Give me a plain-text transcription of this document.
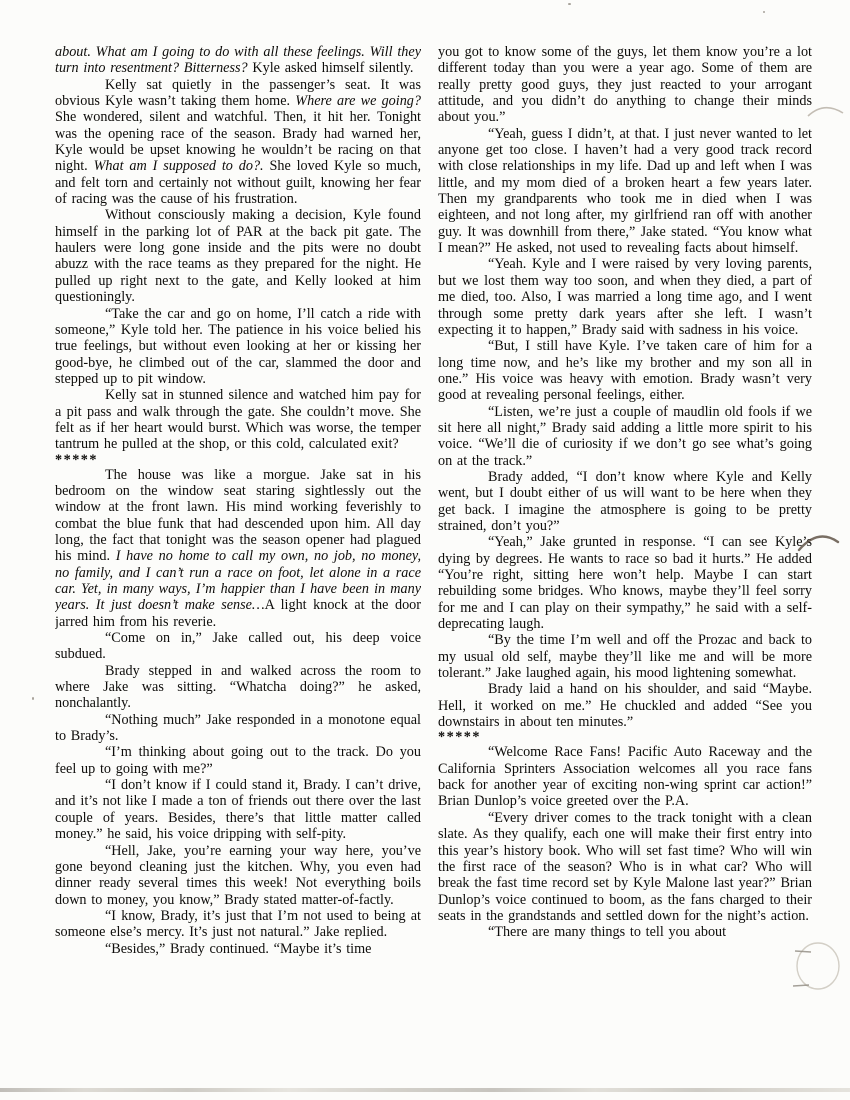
about. What am I going to do with all these feelings. Will they turn into resentment? Bitterness? Kyle asked himself silently.

Kelly sat quietly in the passenger’s seat. It was obvious Kyle wasn’t taking them home. Where are we going? She wondered, silent and watchful. Then, it hit her. Tonight was the opening race of the season. Brady had warned her, Kyle would be upset knowing he wouldn’t be racing on that night. What am I supposed to do?. She loved Kyle so much, and felt torn and certainly not without guilt, knowing her fear of racing was the cause of his frustration.

Without consciously making a decision, Kyle found himself in the parking lot of PAR at the back pit gate. The haulers were long gone inside and the pits were no doubt abuzz with the race teams as they prepared for the night. He pulled up right next to the gate, and Kelly looked at him questioningly.

“Take the car and go on home, I’ll catch a ride with someone,” Kyle told her. The patience in his voice belied his true feelings, but without even looking at her or kissing her good-bye, he climbed out of the car, slammed the door and stepped up to pit window.

Kelly sat in stunned silence and watched him pay for a pit pass and walk through the gate. She couldn’t move. She felt as if her heart would burst. Which was worse, the temper tantrum he pulled at the shop, or this cold, calculated exit?

*****

The house was like a morgue. Jake sat in his bedroom on the window seat staring sightlessly out the window at the front lawn. His mind working feverishly to combat the blue funk that had descended upon him. All day long, the fact that tonight was the season opener had plagued his mind. I have no home to call my own, no job, no money, no family, and I can’t run a race on foot, let alone in a race car. Yet, in many ways, I’m happier than I have been in many years. It just doesn’t make sense…A light knock at the door jarred him from his reverie.

“Come on in,” Jake called out, his deep voice subdued.

Brady stepped in and walked across the room to where Jake was sitting. “Whatcha doing?” he asked, nonchalantly.

“Nothing much” Jake responded in a monotone equal to Brady’s.

“I’m thinking about going out to the track. Do you feel up to going with me?”

“I don’t know if I could stand it, Brady. I can’t drive, and it’s not like I made a ton of friends out there over the last couple of years. Besides, there’s that little matter called money.” he said, his voice dripping with self-pity.

“Hell, Jake, you’re earning your way here, you’ve gone beyond cleaning just the kitchen. Why, you even had dinner ready several times this week! Not everything boils down to money, you know,” Brady stated matter-of-factly.

“I know, Brady, it’s just that I’m not used to being at someone else’s mercy. It’s just not natural.” Jake replied.

“Besides,” Brady continued. “Maybe it’s time

you got to know some of the guys, let them know you’re a lot different today than you were a year ago. Some of them are really pretty good guys, they just reacted to your arrogant attitude, and you didn’t do anything to change their minds about you.”

“Yeah, guess I didn’t, at that. I just never wanted to let anyone get too close. I haven’t had a very good track record with close relationships in my life. Dad up and left when I was little, and my mom died of a broken heart a few years later. Then my grandparents who took me in died when I was eighteen, and not long after, my girlfriend ran off with another guy. It was downhill from there,” Jake stated. “You know what I mean?” He asked, not used to revealing facts about himself.

“Yeah. Kyle and I were raised by very loving parents, but we lost them way too soon, and when they died, a part of me died, too. Also, I was married a long time ago, and I went through some pretty dark years after she left. I wasn’t expecting it to happen,” Brady said with sadness in his voice.

“But, I still have Kyle. I’ve taken care of him for a long time now, and he’s like my brother and my son all in one.” His voice was heavy with emotion. Brady wasn’t very good at revealing personal feelings, either.

“Listen, we’re just a couple of maudlin old fools if we sit here all night,” Brady said adding a little more spirit to his voice. “We’ll die of curiosity if we don’t go see what’s going on at the track.”

Brady added, “I don’t know where Kyle and Kelly went, but I doubt either of us will want to be here when they get back. I imagine the atmosphere is going to be pretty strained, don’t you?”

“Yeah,” Jake grunted in response. “I can see Kyle’s dying by degrees. He wants to race so bad it hurts.” He added “You’re right, sitting here won’t help. Maybe I can start rebuilding some bridges. Who knows, maybe they’ll feel sorry for me and I can play on their sympathy,” he said with a self-deprecating laugh.

“By the time I’m well and off the Prozac and back to my usual old self, maybe they’ll like me and will be more tolerant.” Jake laughed again, his mood lightening somewhat.

Brady laid a hand on his shoulder, and said “Maybe. Hell, it worked on me.” He chuckled and added “See you downstairs in about ten minutes.”

*****

“Welcome Race Fans! Pacific Auto Raceway and the California Sprinters Association welcomes all you race fans back for another year of exciting non-wing sprint car action!” Brian Dunlop’s voice greeted over the P.A.

“Every driver comes to the track tonight with a clean slate. As they qualify, each one will make their first entry into this year’s history book. Who will set fast time? Who will win the first race of the season? Who is in what car? Who will break the fast time record set by Kyle Malone last year?” Brian Dunlop’s voice continued to boom, as the fans charged to their seats in the grandstands and settled down for the night’s action.

“There are many things to tell you about
